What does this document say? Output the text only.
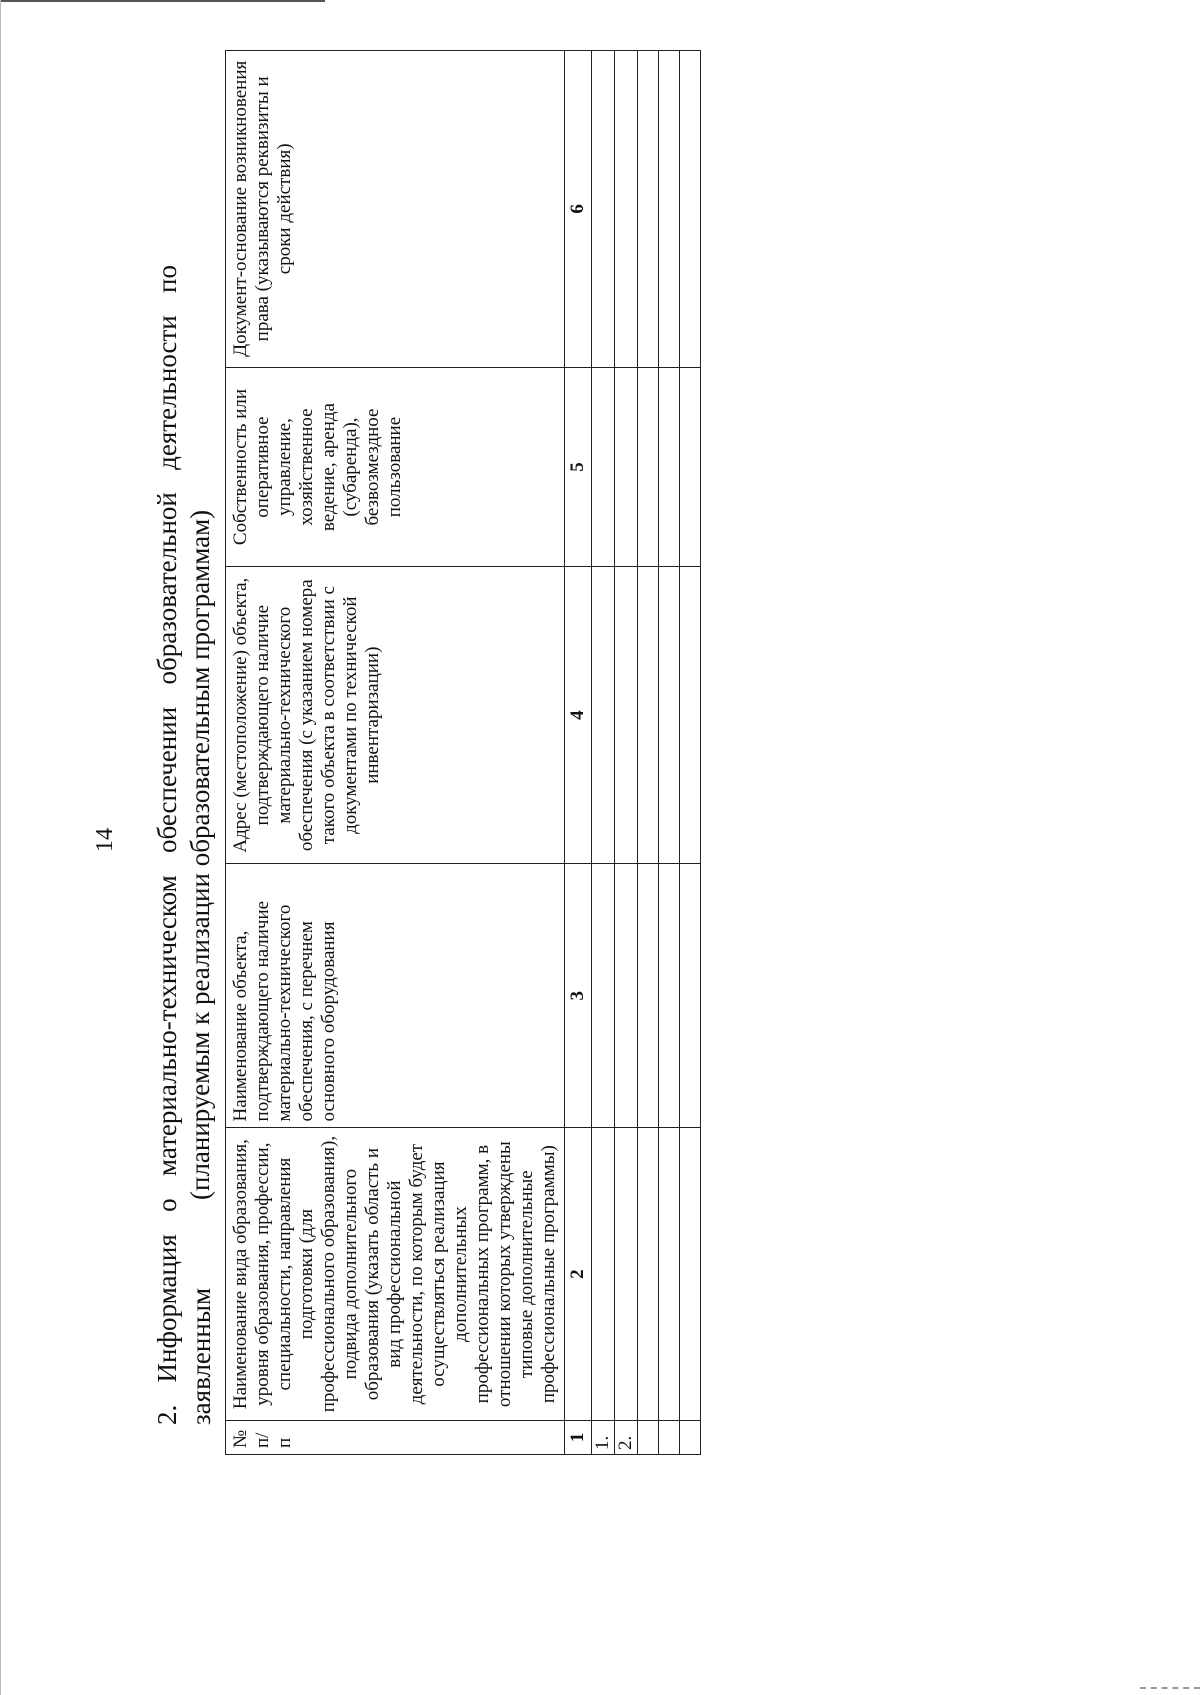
14 2. Информация о материально-техническом обеспечении образовательной деятельности по заявленным
(планируемым к реализации образовательным программам)
№ п/п	Наименование вида образования, уровня образования, профессии, специальности, направления подготовки (для профессионального образования), подвида дополнительного образования (указать область и вид профессиональной деятельности, по которым будет осуществляться реализация дополнительных профессиональных программ, в отношении которых утверждены типовые дополнительные профессиональные программы)	Наименование объекта, подтверждающего наличие материально-технического обеспечения, с перечнем основного оборудования	Адрес (местоположение) объекта, подтверждающего наличие материально-технического обеспечения (с указанием номера такого объекта в соответствии с документами по технической инвентаризации)	Собственность или оперативное управление, хозяйственное ведение, аренда (субаренда), безвозмездное пользование	Документ-основание возникновения права (указываются реквизиты и сроки действия)
1	2	3	4	5	6
1.					
2.					
